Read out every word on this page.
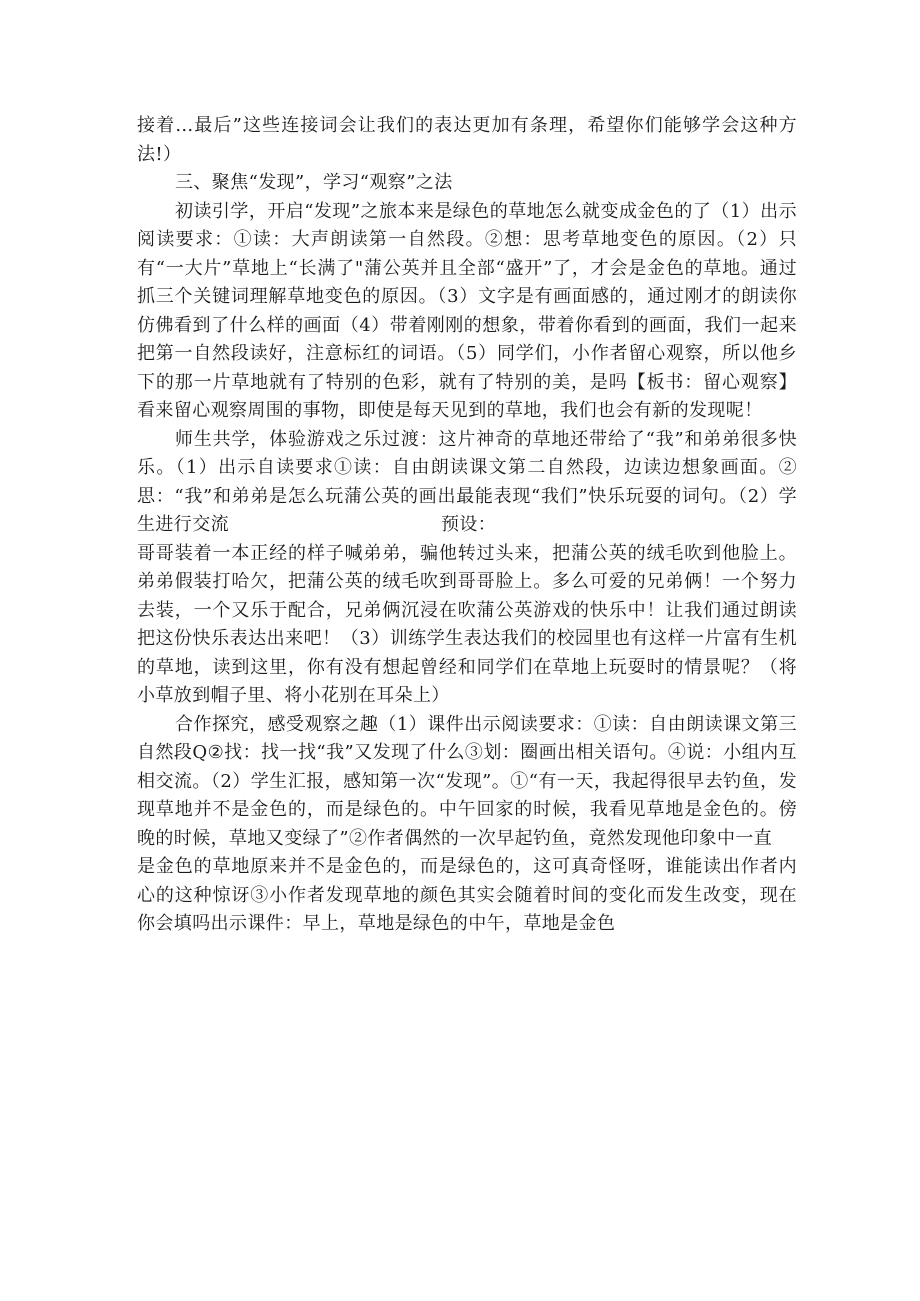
接着…最后”这些连接词会让我们的表达更加有条理，希望你们能够学会这种方法!）

三、聚焦“发现”，学习“观察”之法

初读引学，开启“发现”之旅本来是绿色的草地怎么就变成金色的了（1）出示阅读要求：①读：大声朗读第一自然段。②想：思考草地变色的原因。（2）只有“一大片”草地上“长满了"蒲公英并且全部“盛开”了，才会是金色的草地。通过抓三个关键词理解草地变色的原因。（3）文字是有画面感的，通过刚才的朗读你仿佛看到了什么样的画面（4）带着刚刚的想象，带着你看到的画面，我们一起来把第一自然段读好，注意标红的词语。（5）同学们，小作者留心观察，所以他乡下的那一片草地就有了特别的色彩，就有了特别的美，是吗【板书：留心观察】看来留心观察周围的事物，即使是每天见到的草地，我们也会有新的发现呢！

师生共学，体验游戏之乐过渡：这片神奇的草地还带给了“我”和弟弟很多快乐。（1）出示自读要求①读：自由朗读课文第二自然段，边读边想象画面。②思：“我”和弟弟是怎么玩蒲公英的画出最能表现“我们”快乐玩耍的词句。（2）学生进行交流	预设：

哥哥装着一本正经的样子喊弟弟，骗他转过头来，把蒲公英的绒毛吹到他脸上。弟弟假装打哈欠，把蒲公英的绒毛吹到哥哥脸上。多么可爱的兄弟俩！一个努力去装，一个又乐于配合，兄弟俩沉浸在吹蒲公英游戏的快乐中！让我们通过朗读把这份快乐表达出来吧！（3）训练学生表达我们的校园里也有这样一片富有生机的草地，读到这里，你有没有想起曾经和同学们在草地上玩耍时的情景呢？（将小草放到帽子里、将小花别在耳朵上）

合作探究，感受观察之趣（1）课件出示阅读要求：①读：自由朗读课文第三自然段Q②找：找一找“我”又发现了什么③划：圈画出相关语句。④说：小组内互相交流。（2）学生汇报，感知第一次“发现”。①“有一天，我起得很早去钓鱼，发现草地并不是金色的，而是绿色的。中午回家的时候，我看见草地是金色的。傍晚的时候，草地又变绿了”②作者偶然的一次早起钓鱼，竟然发现他印象中一直

是金色的草地原来并不是金色的，而是绿色的，这可真奇怪呀，谁能读出作者内心的这种惊讶③小作者发现草地的颜色其实会随着时间的变化而发生改变，现在你会填吗出示课件：早上，草地是绿色的中午，草地是金色
